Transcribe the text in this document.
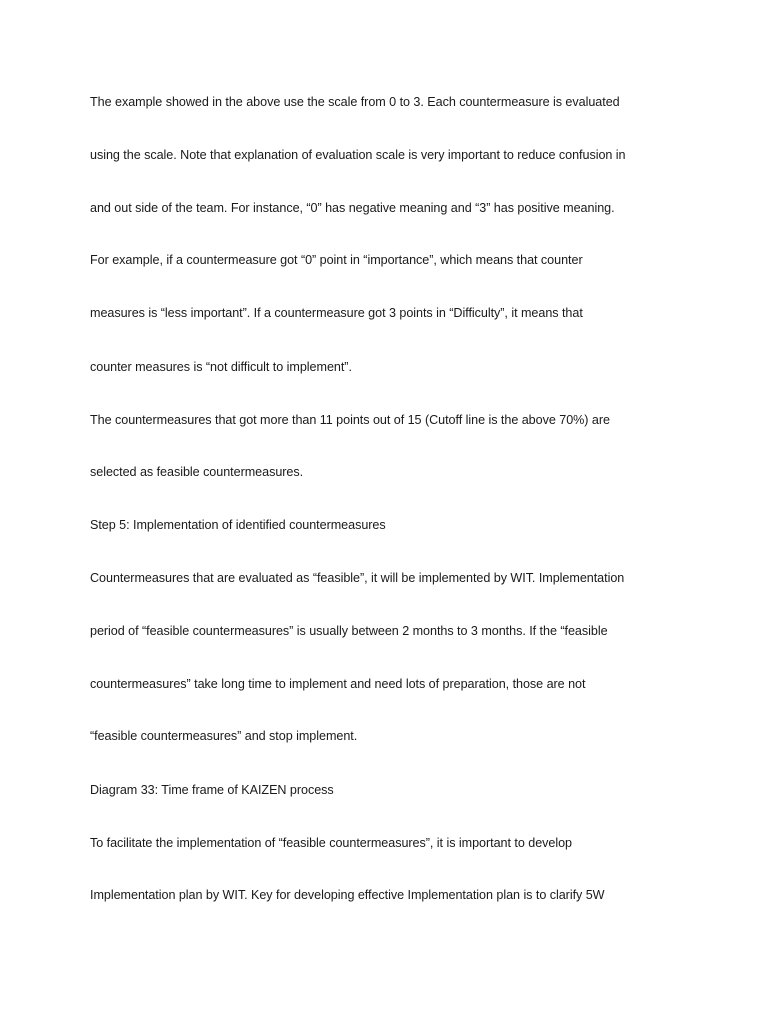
The example showed in the above use the scale from 0 to 3. Each countermeasure is evaluated

using the scale. Note that explanation of evaluation scale is very important to reduce confusion in

and out side of the team. For instance, “0” has negative meaning and “3” has positive meaning.

For example, if a countermeasure got “0” point in “importance”, which means that counter

measures is “less important”. If a countermeasure got 3 points in “Difficulty”, it means that

counter measures is “not difficult to implement”.

The countermeasures that got more than 11 points out of 15 (Cutoff line is the above 70%) are

selected as feasible countermeasures.

Step 5: Implementation of identified countermeasures

Countermeasures that are evaluated as “feasible”, it will be implemented by WIT. Implementation

period of “feasible countermeasures” is usually between 2 months to 3 months. If the “feasible

countermeasures” take long time to implement and need lots of preparation, those are not

“feasible countermeasures” and stop implement.

Diagram 33: Time frame of KAIZEN process

To facilitate the implementation of “feasible countermeasures”, it is important to develop

Implementation plan by WIT. Key for developing effective Implementation plan is to clarify 5W
